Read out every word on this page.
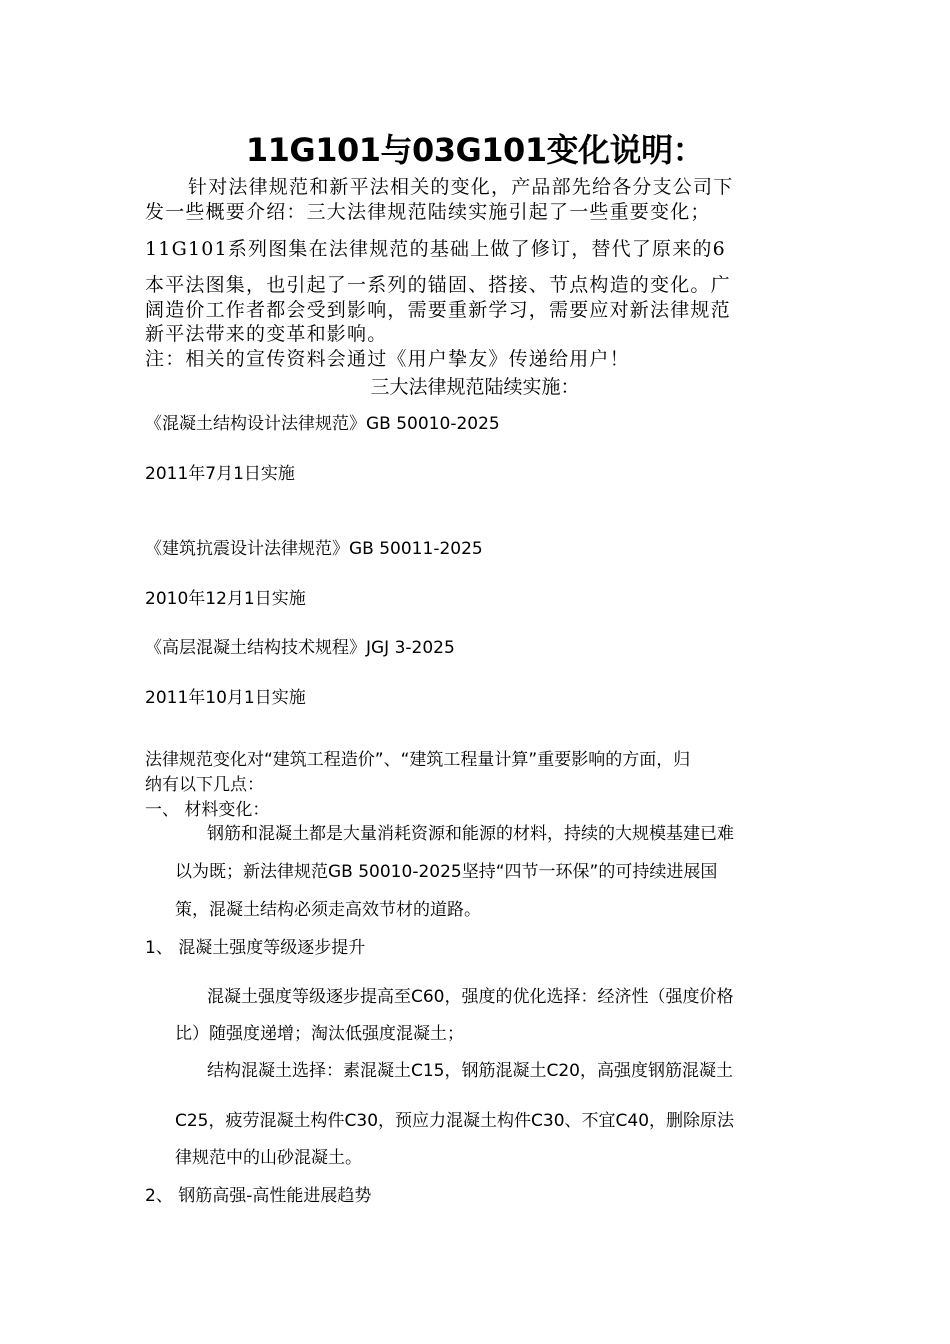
11G101与03G101变化说明：
针对法律规范和新平法相关的变化，产品部先给各分支公司下
发一些概要介绍：三大法律规范陆续实施引起了一些重要变化；
11G101系列图集在法律规范的基础上做了修订，替代了原来的6
本平法图集，也引起了一系列的锚固、搭接、节点构造的变化。广
阔造价工作者都会受到影响，需要重新学习，需要应对新法律规范
新平法带来的变革和影响。
注：相关的宣传资料会通过《用户挚友》传递给用户！
三大法律规范陆续实施：
《混凝土结构设计法律规范》GB 50010-2025
2011年7月1日实施
《建筑抗震设计法律规范》GB 50011-2025
2010年12月1日实施
《高层混凝土结构技术规程》JGJ 3-2025
2011年10月1日实施
法律规范变化对“建筑工程造价”、“建筑工程量计算”重要影响的方面，归
纳有以下几点：
一、 材料变化：
钢筋和混凝土都是大量消耗资源和能源的材料，持续的大规模基建已难
以为既；新法律规范GB 50010-2025坚持“四节一环保”的可持续进展国
策，混凝土结构必须走高效节材的道路。
1、 混凝土强度等级逐步提升
混凝土强度等级逐步提高至C60，强度的优化选择：经济性（强度价格
比）随强度递增；淘汰低强度混凝土；
结构混凝土选择：素混凝土C15，钢筋混凝土C20，高强度钢筋混凝土
C25，疲劳混凝土构件C30，预应力混凝土构件C30、不宜C40，删除原法
律规范中的山砂混凝土。
2、 钢筋高强-高性能进展趋势
